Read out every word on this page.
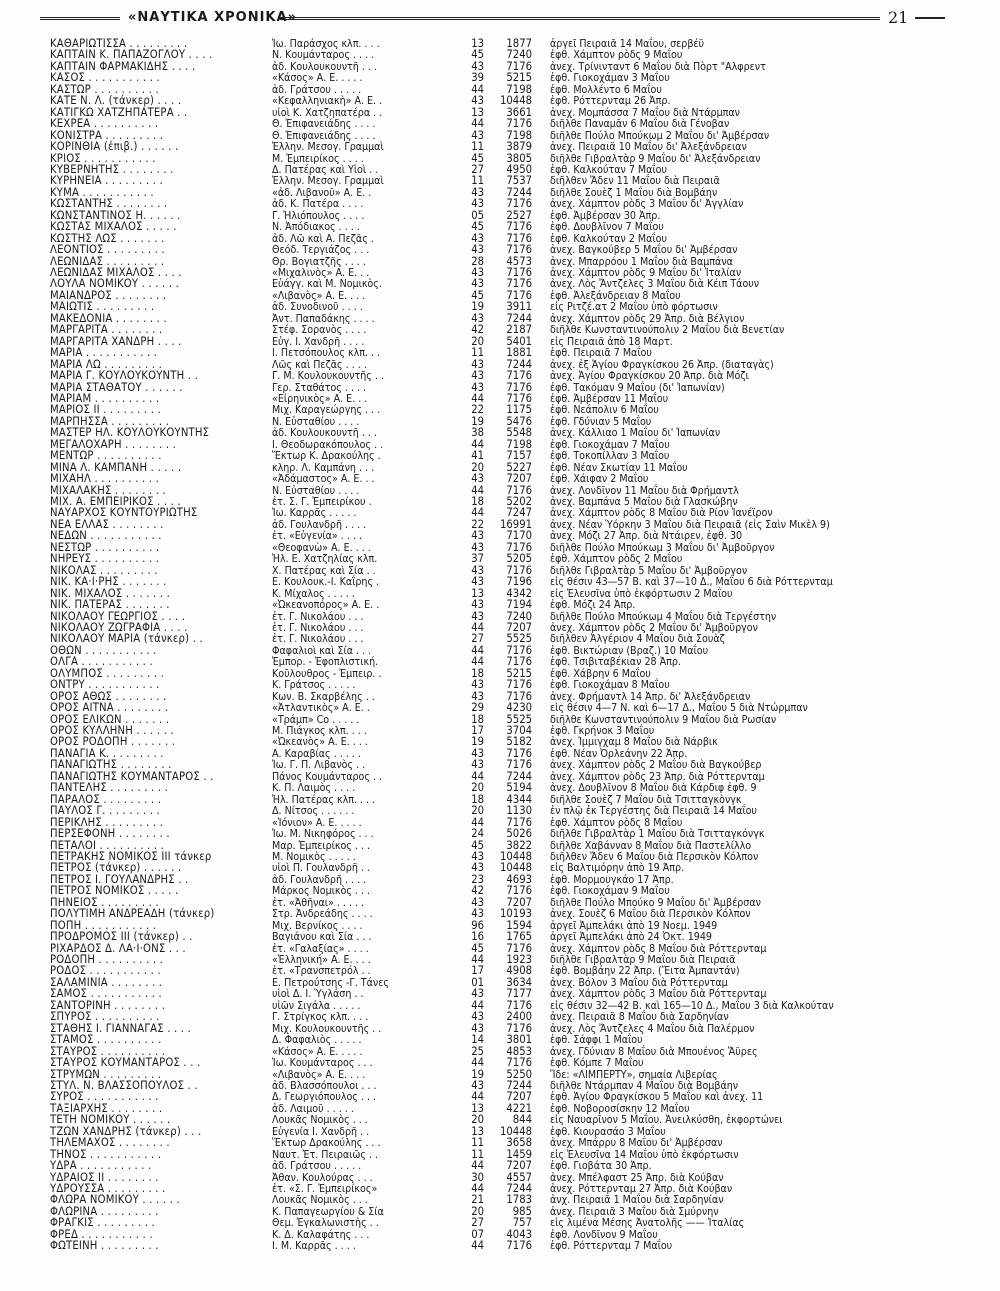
«ΝΑΥΤΙΚΑ ΧΡΟΝΙΚΑ»	21
ΚΑΘΑΡΙΩΤΙΣΣΑ . . . . . . . . .	Ἰω. Παράσχος κλπ. . . .	13	1877 ἀργεῖ Πειραιᾶ 14 Μαΐου, σερβέϋ
ΚΑΠΤΑΙΝ Κ. ΠΑΠΑΖΟΓΛΟΥ . . . .	Ν. Κουμάνταρος . . . .	45	7240 ἐφθ. Χάμπτον ρὸδς 9 Μαΐου
ΚΑΠΤΑΙΝ ΦΑΡΜΑΚΙΔΗΣ . . . .	ἀδ. Κουλουκουντῆ . . .	43	7176 ἀνεχ. Τρίνινταντ 6 Μαΐου διὰ Πὸρτ "Αλφρεντ
ΚΑΣΟΣ . . . . . . . . . . .	«Κάσος» Α. Ε. . . . .	39	5215 ἐφθ. Γιοκοχάμαν 3 Μαΐου
ΚΑΣΤΩΡ . . . . . . . . . .	ἀδ. Γράτσου . . . . .	44	7198 ἐφθ. Μολλέντο 6 Μαΐου
ΚΑΤΕ Ν. Λ. (τάνκερ) . . . .	«Κεφαλληνιακὴ» Α. Ε. .	43	10448 ἐφθ. Ρόττερνταμ 26 Ἀπρ.
ΚΑΤΙΓΚΩ ΧΑΤΖΗΠΑΤΕΡΑ . .	υἱοὶ Κ. Χατζηπατέρα . .	13	3661 ἀνεχ. Μομπάσσα 7 Μαΐου διὰ Ντάρμπαν
ΚΕΧΡΕΑ . . . . . . . . . .	Θ. Ἐπιφανειάδης . . . .	44	7176 διῆλθε Παναμᾶν 6 Μαΐου διὰ Γένοβαν
ΚΟΝΙΣΤΡΑ . . . . . . . . .	Θ. Ἐπιφανειάδης . . . .	43	7198 διῆλθε Πούλο Μπούκωμ 2 Μαΐου δι' Ἀμβέρσαν
ΚΟΡΙΝΘΙΑ (ἐπιβ.) . . . . . .	Ἑλλην. Μεσογ. Γραμμαὶ	11	3879 ἀνεχ. Πειραιᾶ 10 Μαΐου δι' Ἀλεξάνδρειαν
ΚΡΙΟΣ . . . . . . . . . . .	Μ. Ἐμπειρίκος . . . .	45	3805 διῆλθε Γιβραλτὰρ 9 Μαΐου δι' Ἀλεξάνδρειαν
ΚΥΒΕΡΝΗΤΗΣ . . . . . . . .	Δ. Πατέρας καὶ Υἱοὶ . .	27	4950 ἐφθ. Καλκούταν 7 Μαΐου
ΚΥΡΗΝΕΙΑ . . . . . . . . .	Ἑλλην. Μεσογ. Γραμμαὶ	11	7537 διῆλθεν Ἄδεν 11 Μαΐου διὰ Πειραιᾶ
ΚΥΜΑ . . . . . . . . . . .	«ἀδ. Λιβανοῦ» Α. Ε. .	43	7244 διῆλθε Σουὲζ 1 Μαΐου διὰ Βομβάην
ΚΩΣΤΑΝΤΗΣ . . . . . . . .	ἀδ. Κ. Πατέρα . . . .	43	7176 ἀνεχ. Χάμπτον ρὸδς 3 Μαΐου δι' Ἀγγλίαν
ΚΩΝΣΤΑΝΤΙΝΟΣ Η. . . . . .	Γ. Ἠλιόπουλος . . . .	05	2527 ἐφθ. Ἀμβέρσαν 30 Ἀπρ.
ΚΩΣΤΑΣ ΜΙΧΑΛΟΣ . . . . .	Ν. Ἀπόδιακος . . . .	45	7176 ἐφθ. Δουβλῖνον 7 Μαΐου
ΚΩΣΤΗΣ ΛΩΣ . . . . . . .	ἀδ. Λῶ καὶ Α. Πεζᾶς .	43	7176 ἐφθ. Καλκούταν 2 Μαΐου
ΛΕΟΝΤΙΟΣ . . . . . . . . .	Θεόδ. Τεργιάζος . . .	43	7176 ἀνεχ. Βαγκούβερ 5 Μαΐου δι' Ἀμβέρσαν
ΛΕΩΝΙΔΑΣ . . . . . . . . .	Θρ. Βογιατζῆς . . . .	28	4573 ἀνεχ. Μπαρρόου 1 Μαΐου διὰ Βαμπάνα
ΛΕΩΝΙΔΑΣ ΜΙΧΑΛΟΣ . . . .	«Μιχαλινὸς» Α. Ε. . .	43	7176 ἀνεχ. Χάμπτον ρὸδς 9 Μαΐου δι' Ἰταλίαν
ΛΟΥΛΑ ΝΟΜΙΚΟΥ . . . . . .	Εὐάγγ. καὶ Μ. Νομικὸς.	43	7176 ἀνεχ. Λὸς Ἄντζελες 3 Μαΐου διὰ Κέιπ Τάουν
ΜΑΙΑΝΔΡΟΣ . . . . . . . .	«Λιβανὸς» Α. Ε. . . .	45	7176 ἐφθ. Ἀλεξάνδρειαν 8 Μαΐου
ΜΑΙΩΤΙΣ . . . . . . . . .	ἀδ. Συνοδινοῦ . . . .	19	3911 εἰς Ριτζέ.ατ 2 Μαΐου ὑπὸ φόρτωσιν
ΜΑΚΕΔΟΝΙΑ . . . . . . . .	Ἀντ. Παπαδάκης . . . .	43	7244 ἀνεχ. Χάμπτον ρὸδς 29 Ἀπρ. διὰ Βέλγιον
ΜΑΡΓΑΡΙΤΑ . . . . . . . .	Στέφ. Σορανὸς . . . .	42	2187 διῆλθε Κωνσταντινούπολιν 2 Μαΐου διὰ Βενετίαν
ΜΑΡΓΑΡΙΤΑ ΧΑΝΔΡΗ . . . .	Εὐγ. Ι. Χανδρῆ . . . .	20	5401 εἰς Πειραιᾶ ἀπὸ 18 Μαρτ.
ΜΑΡΙΑ . . . . . . . . . . .	Ι. Πετσόπουλος κλπ. . .	11	1881 ἐφθ. Πειραιᾶ 7 Μαΐου
ΜΑΡΙΑ ΛΩ . . . . . . . . .	Λῶς καὶ Πεζᾶς . . . .	43	7244 ἀνεχ. ἐξ Ἁγίου Φραγκίσκου 26 Ἀπρ. (διαταγὰς)
ΜΑΡΙΑ Γ. ΚΟΥΛΟΥΚΟΥΝΤΗ . .	Γ. Μ. Κουλουκουντῆς . .	43	7176 ἀνεχ. Ἁγίου Φραγκίσκου 20 Ἀπρ. διὰ Μόζι
ΜΑΡΙΑ ΣΤΑΘΑΤΟΥ . . . . . .	Γερ. Σταθάτος . . . .	43	7176 ἐφθ. Τακόμαν 9 Μαΐου (δι' Ἰαπωνίαν)
ΜΑΡΙΑΜ . . . . . . . . . .	«Εἰρηνικὸς» Α. Ε. . .	44	7176 ἐφθ. Ἀμβέρσαν 11 Μαΐου
ΜΑΡΙΟΣ ΙΙ . . . . . . . . .	Μιχ. Καραγεώργης . . .	22	1175 ἐφθ. Νεάπολιν 6 Μαΐου
ΜΑΡΠΗΣΣΑ . . . . . . . . .	Ν. Εὐσταθίου . . . .	19	5476 ἐφθ. Γδύνιαν 5 Μαΐου
ΜΑΣΤΕΡ ΗΛ. ΚΟΥΛΟΥΚΟΥΝΤΗΣ	ἀδ. Κουλουκουντῆ . . .	38	5548 ἀνεχ. Κάλλιαο 1 Μαΐου δι' Ἰαπωνίαν
ΜΕΓΑΛΟΧΑΡΗ . . . . . . . .	Ι. Θεοδωρακόπουλος . .	44	7198 ἐφθ. Γιοκοχάμαν 7 Μαΐου
ΜΕΝΤΩΡ . . . . . . . . . .	Ἕκτωρ Κ. Δρακούλης .	41	7157 ἐφθ. Τοκοπίλλαν 3 Μαΐου
ΜΙΝΑ Λ. ΚΑΜΠΑΝΗ . . . . .	κληρ. Λ. Καμπάνη . . .	20	5227 ἐφθ. Νέαν Σκωτίαν 11 Μαΐου
ΜΙΧΑΗΛ . . . . . . . . . .	«Ἀδάμαστος» Α. Ε. . .	43	7207 ἐφθ. Χάιφαν 2 Μαΐου
ΜΙΧΑΛΑΚΗΣ . . . . . . . .	Ν. Εὐσταθίου . . . .	44	7176 ἀνεχ. Λονδῖνον 11 Μαΐου διὰ Φρήμαντλ
ΜΙΧ. Α. ΕΜΠΕΙΡΙΚΟΣ . . . .	ἐτ. Σ. Γ. Ἐμπειρίκου .	18	5202 ἀνεχ. Βαμπάνα 5 Μαΐου διὰ Γλασκώβην
ΝΑΥΑΡΧΟΣ ΚΟΥΝΤΟΥΡΙΩΤΗΣ	Ἰω. Καρρᾶς . . . . .	44	7247 ἀνεχ. Χάμπτον ρὸδς 8 Μαΐου διὰ Ρίον Ἰανέϊρον
ΝΕΑ ΕΛΛΑΣ . . . . . . . .	ἀδ. Γουλανδρῆ . . . .	22	16991 ἀνεχ. Νέαν Ὑόρκην 3 Μαΐου διὰ Πειραιᾶ (εἰς Σαὶν Μικὲλ 9)
ΝΕΔΩΝ . . . . . . . . . . .	ἐτ. «Εὐγενία» . . . .	43	7170 ἀνεχ. Μόζι 27 Ἀπρ. διὰ Ντάιρεν, ἐφθ. 30
ΝΕΣΤΩΡ . . . . . . . . . .	«Θεοφανὼ» Α. Ε. . . .	43	7176 διῆλθε Πούλο Μπούκωμ 3 Μαΐου δι' Ἀμβοῦργον
ΝΗΡΕΥΣ . . . . . . . . . .	Ἠλ. Ε. Χατζηλίας κλπ.	37	5205 ἐφθ. Χάμπτον ρὸδς 2 Μαΐου
ΝΙΚΟΛΑΣ . . . . . . . . .	Χ. Πατέρας καὶ Σία . .	43	7176 διῆλθε Γιβραλτὰρ 5 Μαΐου δι' Ἀμβοῦργον
ΝΙΚ. ΚΑ·Ι·ΡΗΣ . . . . . . .	Ε. Κουλουκ.-Ι. Καΐρης .	43	7196 εἰς θέσιν 43—57 Β. καὶ 37—10 Δ., Μαΐου 6 διὰ Ρόττερνταμ
ΝΙΚ. ΜΙΧΑΛΟΣ . . . . . . .	Κ. Μίχαλος . . . . .	13	4342 εἰς Ἐλευσῖνα ὑπὸ ἐκφόρτωσιν 2 Μαΐου
ΝΙΚ. ΠΑΤΕΡΑΣ . . . . . . .	«Ὠκεανοπόρος» Α. Ε. .	43	7194 ἐφθ. Μόζι 24 Ἀπρ.
ΝΙΚΟΛΑΟΥ ΓΕΩΡΓΙΟΣ . . . .	ἐτ. Γ. Νικολάου . . .	43	7240 διῆλθε Πούλο Μπούκωμ 4 Μαΐου διὰ Τεργέστην
ΝΙΚΟΛΑΟΥ ΖΩΓΡΑΦΙΑ . . . .	ἐτ. Γ. Νικολάου . . .	44	7207 ἀνεχ. Χάμπτον ρὸδς 2 Μαΐου δι' Ἀμβοῦργον
ΝΙΚΟΛΑΟΥ ΜΑΡΙΑ (τάνκερ) . .	ἐτ. Γ. Νικολάου . . .	27	5525 διῆλθεν Ἀλγέριον 4 Μαΐου διὰ Σουὰζ
ΟΘΩΝ . . . . . . . . . . .	Φαφαλιοὶ καὶ Σία . . .	44	7176 ἐφθ. Βικτώριαν (Βραζ.) 10 Μαΐου
ΟΛΓΑ . . . . . . . . . . .	Ἐμπορ. - Ἐφοπλιστική.	44	7176 ἐφθ. Τσιβιταβέκιαν 28 Ἀπρ.
ΟΛΥΜΠΟΣ . . . . . . . . .	Κοῦλουθρος - Ἐμπειρ. .	18	5215 ἐφθ. Χάβρην 6 Μαΐου
ΟΝΤΡΥ . . . . . . . . . . .	Κ. Γράτσος . . . . .	43	7176 ἐφθ. Γιοκοχάμαν 8 Μαΐου
ΟΡΟΣ ΑΘΩΣ . . . . . . . .	Κων. Β. Σκαρβέλης . .	43	7176 ἀνεχ. Φρήμαντλ 14 Ἀπρ. δι' Ἀλεξάνδρειαν
ΟΡΟΣ ΑΙΤΝΑ . . . . . . . .	«Ἀτλαντικὸς» Α. Ε. .	29	4230 εἰς θέσιν 4—7 Ν. καὶ 6—17 Δ., Μαΐου 5 διὰ Ντώρμπαν
ΟΡΟΣ ΕΛΙΚΩΝ . . . . . . .	«Τράμπ» Co . . . . .	18	5525 διῆλθε Κωνσταντινούπολιν 9 Μαΐου διὰ Ρωσίαν
ΟΡΟΣ ΚΥΛΛΗΝΗ . . . . . .	Μ. Πιάγκος κλπ. . . .	17	3704 ἐφθ. Γκρήνοκ 3 Μαΐου
ΟΡΟΣ ΡΟΔΟΠΗ . . . . . . .	«Ὠκεανὸς» Α. Ε. . . .	19	5182 ἀνεχ. Ἰμμιγχαμ 8 Μαΐου διὰ Νάρβικ
ΠΑΝΑΓΙΑ Κ. . . . . . . . .	Α. Καραβίας . . . . .	43	7176 ἐφθ. Νέαν Ὀρλεάνην 22 Ἀπρ.
ΠΑΝΑΓΙΩΤΗΣ . . . . . . . .	Ἰω. Γ. Π. Λιβανὸς . .	43	7176 ἀνεχ. Χάμπτον ρὸδς 2 Μαΐου διὰ Βαγκούβερ
ΠΑΝΑΓΙΩΤΗΣ ΚΟΥΜΑΝΤΑΡΟΣ . .	Πάνος Κουμάνταρος . .	44	7244 ἀνεχ. Χάμπτον ρὸδς 23 Ἀπρ. διὰ Ρόττερνταμ
ΠΑΝΤΕΛΗΣ . . . . . . . . .	Κ. Π. Λαιμὸς . . . .	20	5194 ἀνεχ. Δουβλῖνον 8 Μαΐου διὰ Κάρδιφ ἐφθ. 9
ΠΑΡΑΛΟΣ . . . . . . . . .	Ἠλ. Πατέρας κλπ. . . .	18	4344 διῆλθε Σουὲζ 7 Μαΐου διὰ Τσιτταγκὸνγκ
ΠΑΥΛΟΣ Γ. . . . . . . . .	Δ. Νίτσος . . . . . .	20	1130 ἐν πλῷ ἐκ Τεργέστης διὰ Πειραιᾶ 14 Μαΐου
ΠΕΡΙΚΛΗΣ . . . . . . . . .	«Ἰόνιον» Α. Ε. . . . .	44	7176 ἐφθ. Χάμπτον ρὸδς 8 Μαΐου
ΠΕΡΣΕΦΟΝΗ . . . . . . . .	Ἰω. Μ. Νικηφόρος . . .	24	5026 διῆλθε Γιβραλτὰρ 1 Μαΐου διὰ Τσιτταγκόνγκ
ΠΕΤΑΛΟΙ . . . . . . . . . .	Μαρ. Ἐμπειρίκος . . .	45	3822 διῆλθε Χαβάνναν 8 Μαΐου διὰ Παστελίλλο
ΠΕΤΡΑΚΗΣ ΝΟΜΙΚΟΣ ΙΙΙ τάνκερ	Μ. Νομικὸς . . . . .	43	10448 διῆλθεν Ἄδεν 6 Μαΐου διὰ Περσικὸν Κόλπον
ΠΕΤΡΟΣ (τάνκερ) . . . . . .	υἱοὶ Π. Γουλανδρῆ . .	43	10448 εἰς Βαλτιμόρην ἀπὸ 19 Ἀπρ.
ΠΕΤΡΟΣ Ι. ΓΟΥΛΑΝΔΡΗΣ . .	ἀδ. Γουλανδρῆ . . . .	23	4693 ἐφθ. Μορμουγκάο 17 Ἀπρ.
ΠΕΤΡΟΣ ΝΟΜΙΚΟΣ . . . . .	Μάρκος Νομικὸς . . .	42	7176 ἐφθ. Γιοκοχάμαν 9 Μαΐου
ΠΗΝΕΙΟΣ . . . . . . . . .	ἐτ. «Ἀθῆναι» . . . . .	43	7207 διῆλθε Πούλο Μπούκο 9 Μαΐου δι' Ἀμβέρσαν
ΠΟΛΥΤΙΜΗ ΑΝΔΡΕΑΔΗ (τάνκερ)	Στρ. Ἀνδρεάδης . . . .	43	10193 ἀνεχ. Σουὲζ 6 Μαΐου διὰ Περσικὸν Κόλπον
ΠΟΠΗ . . . . . . . . . . .	Μιχ. Βερνίκος . . . .	96	1594 ἀργεῖ Ἀμπελάκι ἀπὸ 19 Νοεμ. 1949
ΠΡΟΔΡΟΜΟΣ ΙΙΙ (τάνκερ) . .	Βαγιάνου καὶ Σία . . .	16	1765 ἀργεῖ Ἀμπελάκι ἀπὸ 24 Ὀκτ. 1949
ΡΙΧΑΡΔΟΣ Δ. ΛΑ·Ι·ΟΝΣ . . .	ἐτ. «Γαλαξίας» . . . .	45	7176 ἀνεχ. Χάμπτον ρὸδς 8 Μαΐου διὰ Ρόττερνταμ
ΡΟΔΟΠΗ . . . . . . . . . .	«Ἑλληνική» Α. Ε. . . .	44	1923 διῆλθε Γιβραλτὰρ 9 Μαΐου διὰ Πειραιᾶ
ΡΟΔΟΣ . . . . . . . . . . .	ἐτ. «Τρανσπετρόλ . .	17	4908 ἐφθ. Βομβάην 22 Ἀπρ. (Ἔιτα Ἀμπαντάν)
ΣΑΛΑΜΙΝΙΑ . . . . . . . .	Ε. Πετρούτσης -Γ. Τάνες	01	3634 ἀνεχ. Βόλον 3 Μαΐου διὰ Ρόττερνταμ
ΣΑΜΟΣ . . . . . . . . . . .	υἱοὶ Δ. Ι. Ὑγλάση . .	43	7177 ἀνεχ. Χάμπτον ρὸδς 3 Μαΐου διὰ Ρόττερνταμ
ΣΑΝΤΟΡΙΝΗ . . . . . . . .	υἱῶν Σιγάλα . . . . .	44	7176 εἰς θέσιν 32—42 Β. καὶ 165—10 Δ., Μαΐου 3 διὰ Καλκούταν
ΣΠΥΡΟΣ . . . . . . . . . .	Γ. Στρίγκος κλπ. . . .	43	2400 ἀνεχ. Πειραιᾶ 8 Μαΐου διὰ Σαρδηνίαν
ΣΤΑΘΗΣ Ι. ΓΙΑΝΝΑΓΑΣ . . . .	Μιχ. Κουλουκουντῆς . .	43	7176 ἀνεχ. Λὸς Ἄντζελες 4 Μαΐου διὰ Παλέρμον
ΣΤΑΜΟΣ . . . . . . . . . .	Δ. Φαφαλιὸς . . . . .	14	3801 ἐφθ. Σάφφι 1 Μαΐου
ΣΤΑΥΡΟΣ . . . . . . . . . .	«Κάσος» Α. Ε. . . . .	25	4853 ἀνεχ. Γδύνιαν 8 Μαΐου διὰ Μπουένος Ἄϋρες
ΣΤΑΥΡΟΣ ΚΟΥΜΑΝΤΑΡΟΣ . . .	Ἰω. Κουμάνταρος . . .	44	7176 ἐφθ. Κόμπε 7 Μαΐου
ΣΤΡΥΜΩΝ . . . . . . . . .	«Λιβανὸς» Α. Ε. . . .	19	5250 Ἴδε: «ΛΙΜΠΕΡΤΥ», σημαία Λιβερίας
ΣΤΥΛ. Ν. ΒΛΑΣΣΟΠΟΥΛΟΣ . .	ἀδ. Βλασσόπουλοι . . .	43	7244 διῆλθε Ντάρμπαν 4 Μαΐου διὰ Βομβάην
ΣΥΡΟΣ . . . . . . . . . . .	Δ. Γεωργιόπουλος . . .	44	7207 ἐφθ. Ἁγίου Φραγκίσκου 5 Μαΐου καὶ ἀνεχ. 11
ΤΑΞΙΑΡΧΗΣ . . . . . . . .	ἀδ. Λαιμοῦ . . . . .	13	4221 ἐφθ. Νοβοροσίσκην 12 Μαΐου
ΤΕΤΗ ΝΟΜΙΚΟΥ . . . . . .	Λουκᾶς Νομικὸς . . .	20	844 εἰς Ναυαρῖνον 5 Μαΐου. Ἀνειλκύσθη, ἐκφορτώνει
ΤΖΩΝ ΧΑΝΔΡΗΣ (τάνκερ) . . .	Εὐγενία Ι. Χανδρῆ . .	13	10448 ἐφθ. Κιουρασάο 3 Μαΐου
ΤΗΛΕΜΑΧΟΣ . . . . . . . .	Ἕκτωρ Δρακούλης . . .	11	3658 ἀνεχ. Μπάρρυ 8 Μαΐου δι' Ἀμβέρσαν
ΤΗΝΟΣ . . . . . . . . . . .	Ναυτ. Ἐτ. Πειραιῶς . .	11	1459 εἰς Ἐλευσῖνα 14 Μαΐου ὑπὸ ἐκφόρτωσιν
ΥΔΡΑ . . . . . . . . . . .	ἀδ. Γράτσου . . . . .	44	7207 ἐφθ. Γιοβάτα 30 Ἀπρ.
ΥΔΡΑΙΟΣ ΙΙ . . . . . . . .	Ἀθαν. Κουλούρας . . .	30	4557 ἀνεχ. Μπέλφαστ 25 Ἀπρ. διὰ Κούβαν
ΥΔΡΟΥΣΣΑ . . . . . . . . .	ἐτ. «Σ. Γ. Ἐμπειρίκος»	44	7244 ἀνεχ. Ρόττερνταμ 27 Ἀπρ. διὰ Κούβαν
ΦΛΩΡΑ ΝΟΜΙΚΟΥ . . . . . .	Λουκᾶς Νομικὸς . . .	21	1783 ἀνχ. Πειραιᾶ 1 Μαΐου διὰ Σαρδηνίαν
ΦΛΩΡΙΝΑ . . . . . . . . .	Κ. Παπαγεωργίου & Σία	20	985 ἀνεχ. Πειραιᾶ 3 Μαΐου διὰ Σμύρνην
ΦΡΑΓΚΙΣ . . . . . . . . .	Θεμ. Ἐγκαλωνιστὴς . .	27	757 εἰς λιμένα Μέσης Ἀνατολῆς —— Ἰταλίας
ΦΡΕΔ . . . . . . . . . . .	Κ. Δ. Καλαφάτης . . .	07	4043 ἐφθ. Λονδῖνον 9 Μαΐου
ΦΩΤΕΙΝΗ . . . . . . . . .	Ι. Μ. Καρρᾶς . . . .	44	7176 ἐφθ. Ρόττερνταμ 7 Μαΐου
